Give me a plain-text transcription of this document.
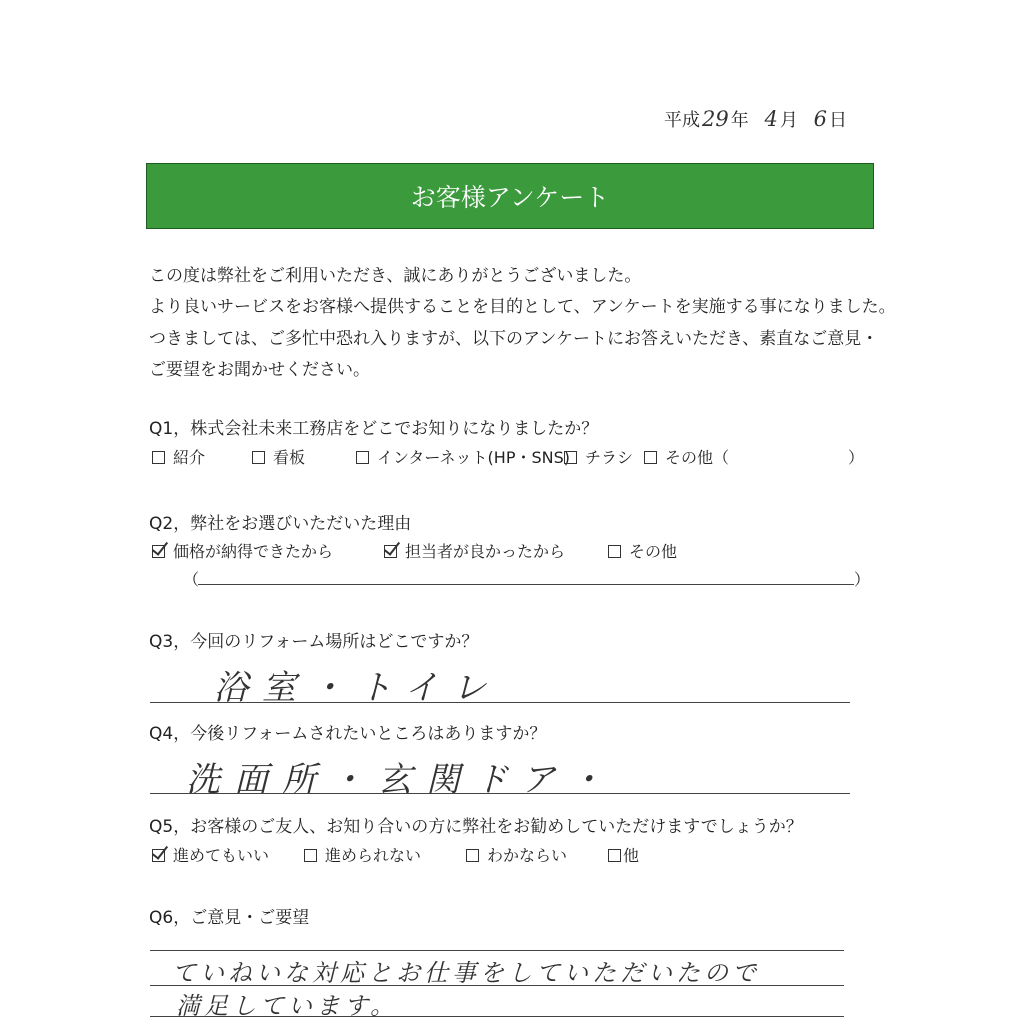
平成29 年 4 月 6 日
お客様アンケート
この度は弊社をご利用いただき、誠にありがとうございました。
より良いサービスをお客様へ提供することを目的として、アンケートを実施する事になりました。
つきましては、ご多忙中恐れ入りますが、以下のアンケートにお答えいただき、素直なご意見・
ご要望をお聞かせください。
Q1，株式会社未来工務店をどこでお知りになりましたか？
紹介	看板	インターネット(HP・SNS) チラシ その他（	）
Q2，弊社をお選びいただいた理由
価格が納得できたから	担当者が良かったから	その他
（	）
Q3，今回のリフォーム場所はどこですか？
浴室・トイレ
Q4，今後リフォームされたいところはありますか？
洗面所・玄関ドア・
Q5，お客様のご友人、お知り合いの方に弊社をお勧めしていただけますでしょうか？
進めてもいい	進められない	わかならい	他
Q6，ご意見・ご要望
ていねいな対応とお仕事をしていただいたので
満足しています。
